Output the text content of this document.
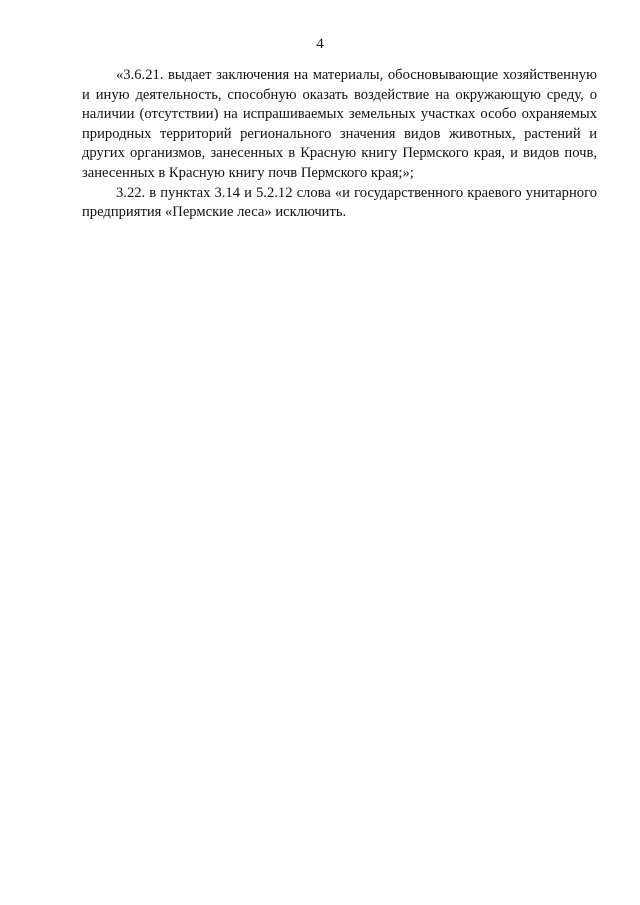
4

«3.6.21. выдает заключения на материалы, обосновывающие хозяйственную и иную деятельность, способную оказать воздействие на окружающую среду, о наличии (отсутствии) на испрашиваемых земельных участках особо охраняемых природных территорий регионального значения видов животных, растений и других организмов, занесенных в Красную книгу Пермского края, и видов почв, занесенных в Красную книгу почв Пермского края;»;

3.22. в пунктах 3.14 и 5.2.12 слова «и государственного краевого унитарного предприятия «Пермские леса» исключить.
